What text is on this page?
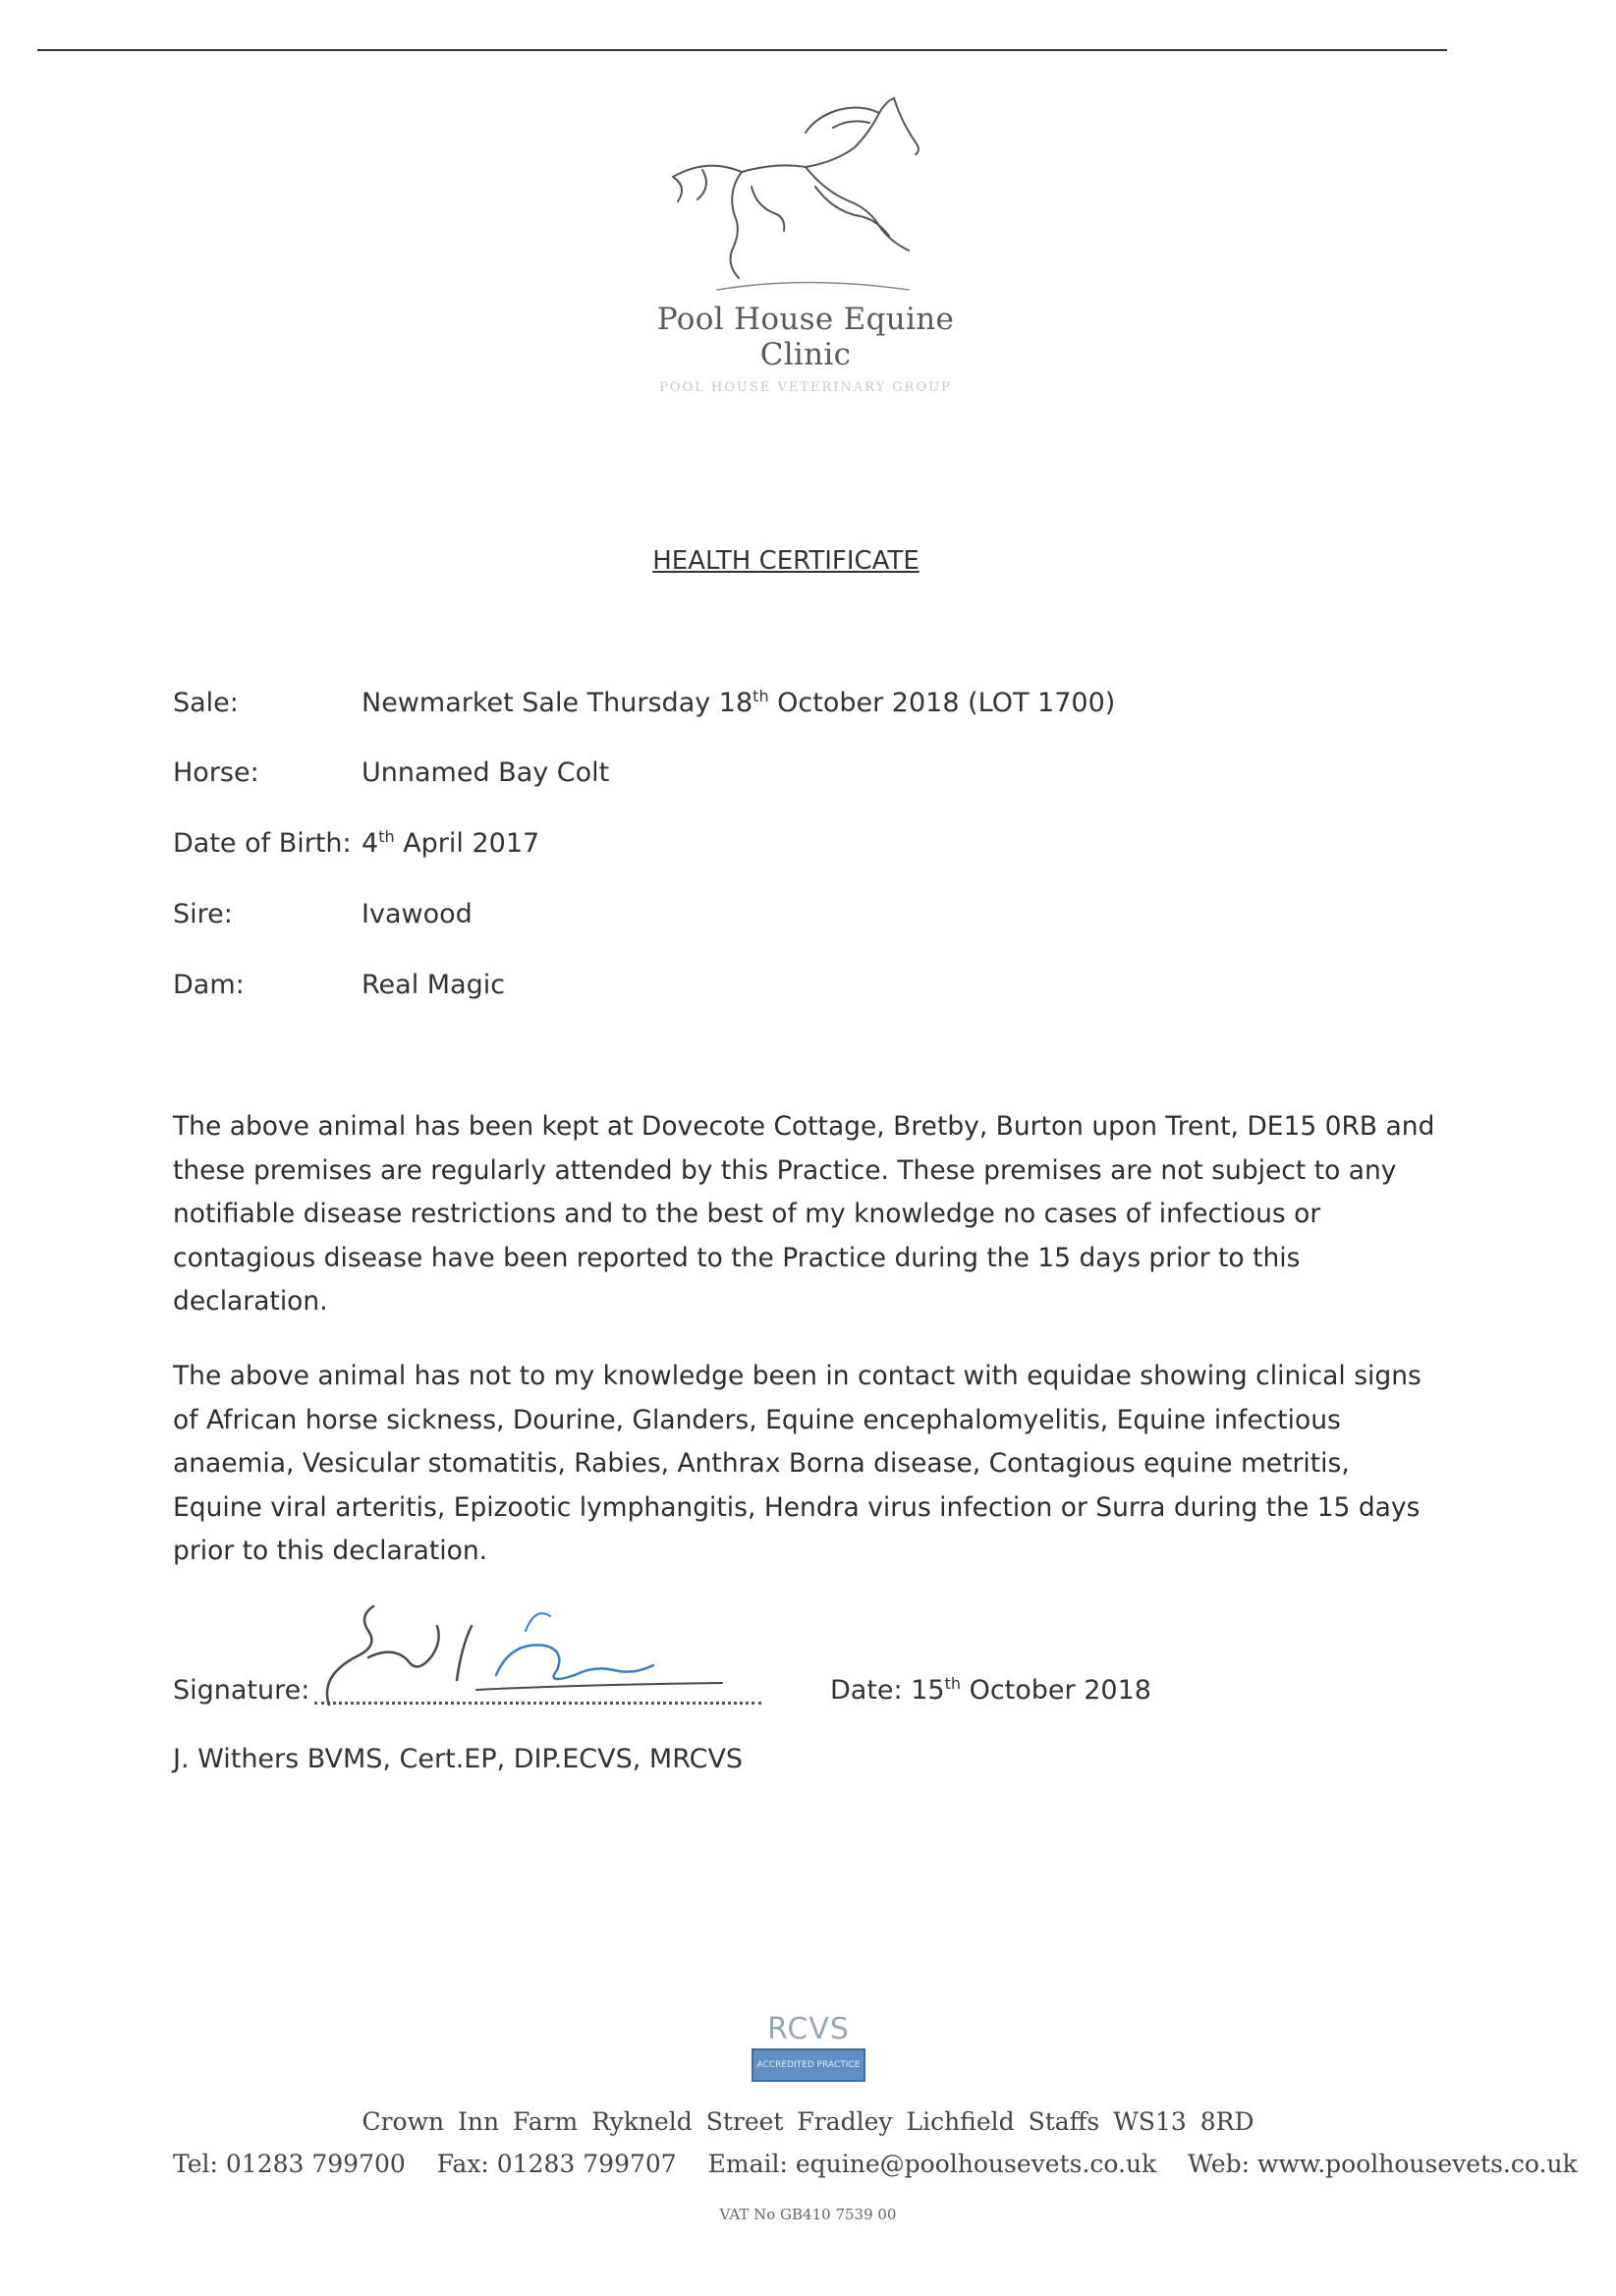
Pool House Equine Clinic
POOL HOUSE VETERINARY GROUP
HEALTH CERTIFICATE
Sale:	Newmarket Sale Thursday 18th October 2018 (LOT 1700)
Horse:	Unnamed Bay Colt
Date of Birth: 4th April 2017
Sire:	Ivawood
Dam:	Real Magic

The above animal has been kept at Dovecote Cottage, Bretby, Burton upon Trent, DE15 0RB and these premises are regularly attended by this Practice. These premises are not subject to any notifiable disease restrictions and to the best of my knowledge no cases of infectious or contagious disease have been reported to the Practice during the 15 days prior to this declaration.

The above animal has not to my knowledge been in contact with equidae showing clinical signs of African horse sickness, Dourine, Glanders, Equine encephalomyelitis, Equine infectious anaemia, Vesicular stomatitis, Rabies, Anthrax Borna disease, Contagious equine metritis, Equine viral arteritis, Epizootic lymphangitis, Hendra virus infection or Surra during the 15 days prior to this declaration.

Signature:	Date: 15th October 2018
J. Withers BVMS, Cert.EP, DIP.ECVS, MRCVS
RCVS
ACCREDITED PRACTICE
Crown Inn Farm Rykneld Street Fradley Lichfield Staffs WS13 8RD
Tel: 01283 799700 Fax: 01283 799707 Email: equine@poolhousevets.co.uk Web: www.poolhousevets.co.uk
VAT No GB410 7539 00
